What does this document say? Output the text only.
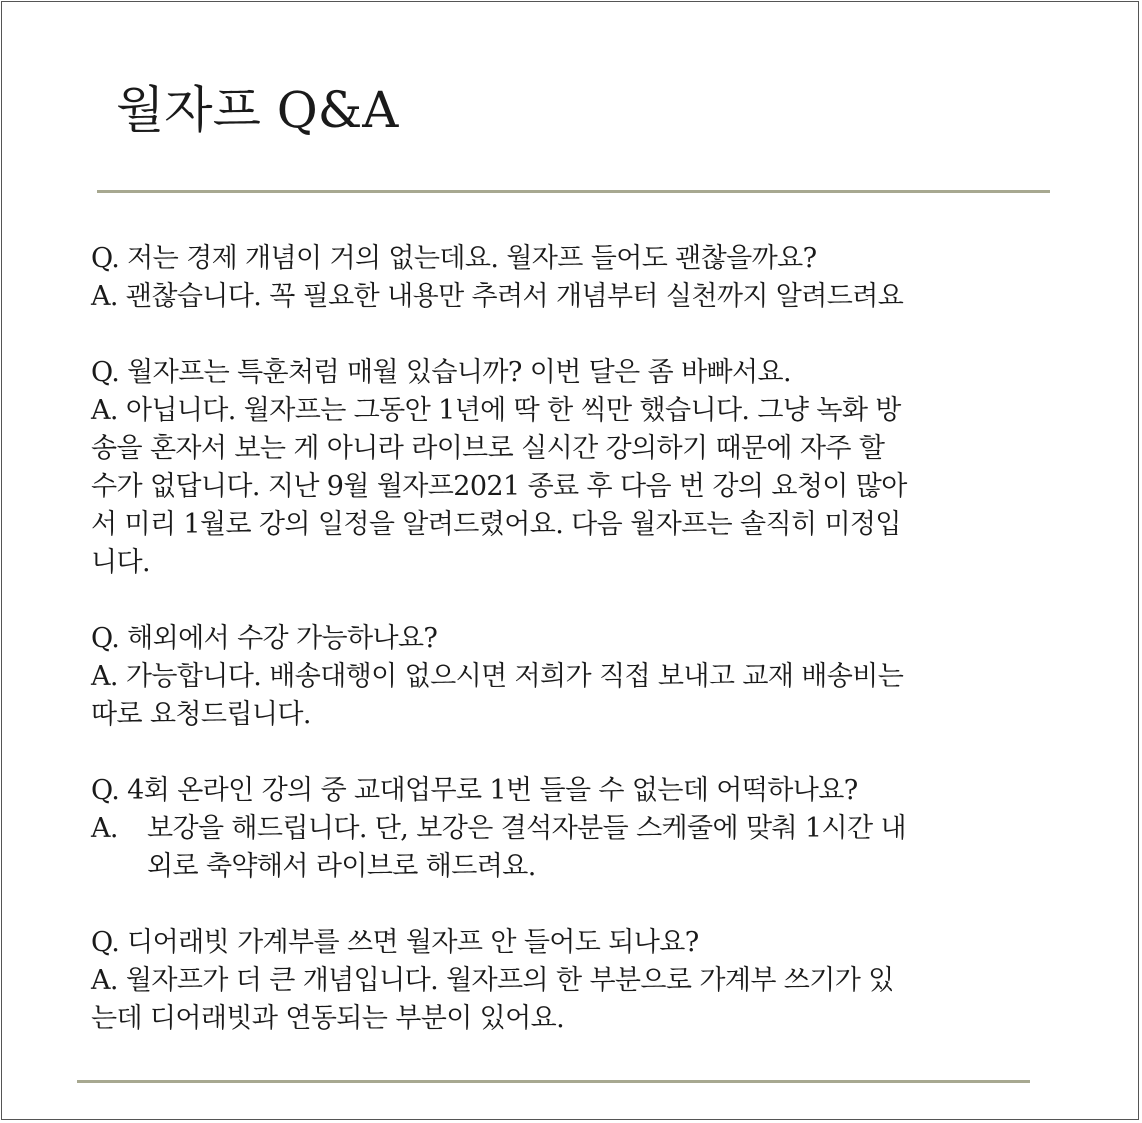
월자프 Q&A
Q. 저는 경제 개념이 거의 없는데요. 월자프 들어도 괜찮을까요?
A. 괜찮습니다. 꼭 필요한 내용만 추려서 개념부터 실천까지 알려드려요
Q. 월자프는 특훈처럼 매월 있습니까? 이번 달은 좀 바빠서요.
A. 아닙니다. 월자프는 그동안 1년에 딱 한 씩만 했습니다. 그냥 녹화 방
송을 혼자서 보는 게 아니라 라이브로 실시간 강의하기 때문에 자주 할
수가 없답니다. 지난 9월 월자프2021 종료 후 다음 번 강의 요청이 많아
서 미리 1월로 강의 일정을 알려드렸어요. 다음 월자프는 솔직히 미정입
니다.
Q. 해외에서 수강 가능하나요?
A. 가능합니다. 배송대행이 없으시면 저희가 직접 보내고 교재 배송비는
따로 요청드립니다.
Q. 4회 온라인 강의 중 교대업무로 1번 들을 수 없는데 어떡하나요?
A.	보강을 해드립니다. 단, 보강은 결석자분들 스케줄에 맞춰 1시간 내
외로 축약해서 라이브로 해드려요.
Q. 디어래빗 가계부를 쓰면 월자프 안 들어도 되나요?
A. 월자프가 더 큰 개념입니다. 월자프의 한 부분으로 가계부 쓰기가 있
는데 디어래빗과 연동되는 부분이 있어요.
